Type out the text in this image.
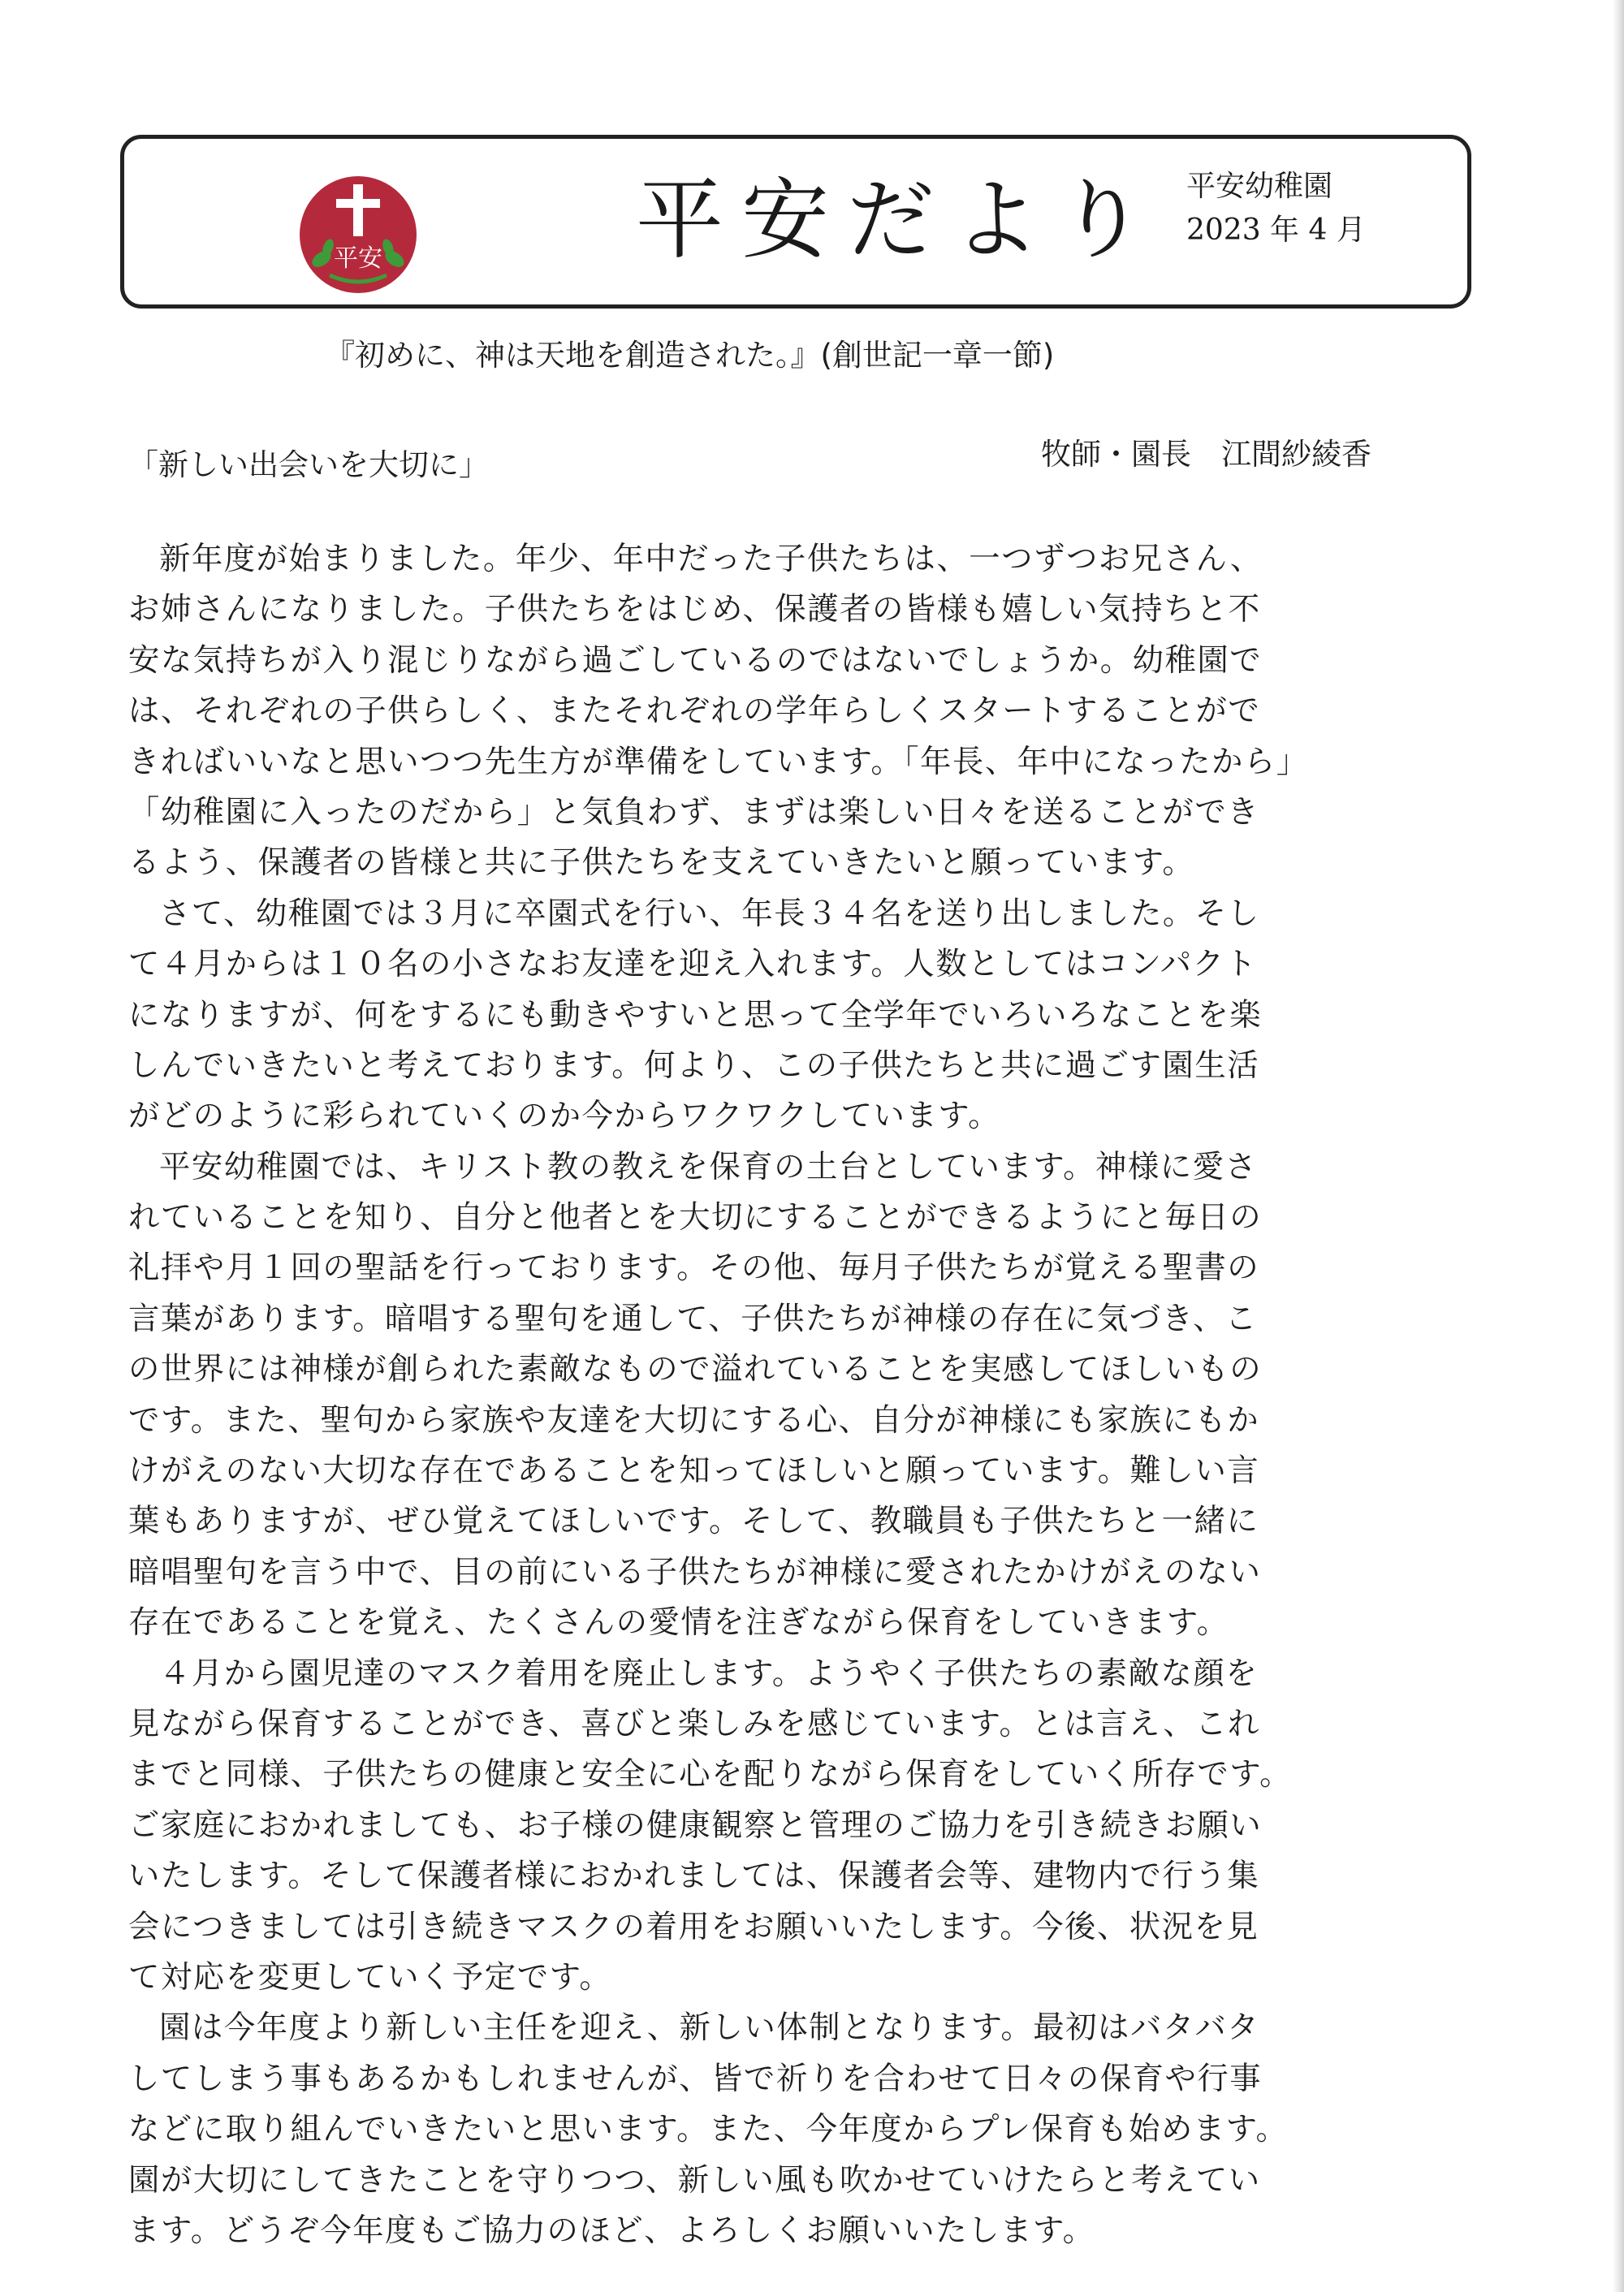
平安	平安だより 平安幼稚園
2023 年 4 月
『初めに、神は天地を創造された。』(創世記一章一節)
「新しい出会いを大切に」	牧師・園長　江間紗綾香
新年度が始まりました。年少、年中だった子供たちは、一つずつお兄さん、
お姉さんになりました。子供たちをはじめ、保護者の皆様も嬉しい気持ちと不
安な気持ちが入り混じりながら過ごしているのではないでしょうか。幼稚園で
は、それぞれの子供らしく、またそれぞれの学年らしくスタートすることがで
きればいいなと思いつつ先生方が準備をしています。「年長、年中になったから」
「幼稚園に入ったのだから」と気負わず、まずは楽しい日々を送ることができ
るよう、保護者の皆様と共に子供たちを支えていきたいと願っています。
さて、幼稚園では３月に卒園式を行い、年長３４名を送り出しました。そし
て４月からは１０名の小さなお友達を迎え入れます。人数としてはコンパクト
になりますが、何をするにも動きやすいと思って全学年でいろいろなことを楽
しんでいきたいと考えております。何より、この子供たちと共に過ごす園生活
がどのように彩られていくのか今からワクワクしています。
平安幼稚園では、キリスト教の教えを保育の土台としています。神様に愛さ
れていることを知り、自分と他者とを大切にすることができるようにと毎日の
礼拝や月１回の聖話を行っております。その他、毎月子供たちが覚える聖書の
言葉があります。暗唱する聖句を通して、子供たちが神様の存在に気づき、こ
の世界には神様が創られた素敵なもので溢れていることを実感してほしいもの
です。また、聖句から家族や友達を大切にする心、自分が神様にも家族にもか
けがえのない大切な存在であることを知ってほしいと願っています。難しい言
葉もありますが、ぜひ覚えてほしいです。そして、教職員も子供たちと一緒に
暗唱聖句を言う中で、目の前にいる子供たちが神様に愛されたかけがえのない
存在であることを覚え、たくさんの愛情を注ぎながら保育をしていきます。
４月から園児達のマスク着用を廃止します。ようやく子供たちの素敵な顔を
見ながら保育することができ、喜びと楽しみを感じています。とは言え、これ
までと同様、子供たちの健康と安全に心を配りながら保育をしていく所存です。
ご家庭におかれましても、お子様の健康観察と管理のご協力を引き続きお願い
いたします。そして保護者様におかれましては、保護者会等、建物内で行う集
会につきましては引き続きマスクの着用をお願いいたします。今後、状況を見
て対応を変更していく予定です。
園は今年度より新しい主任を迎え、新しい体制となります。最初はバタバタ
してしまう事もあるかもしれませんが、皆で祈りを合わせて日々の保育や行事
などに取り組んでいきたいと思います。また、今年度からプレ保育も始めます。
園が大切にしてきたことを守りつつ、新しい風も吹かせていけたらと考えてい
ます。どうぞ今年度もご協力のほど、よろしくお願いいたします。
